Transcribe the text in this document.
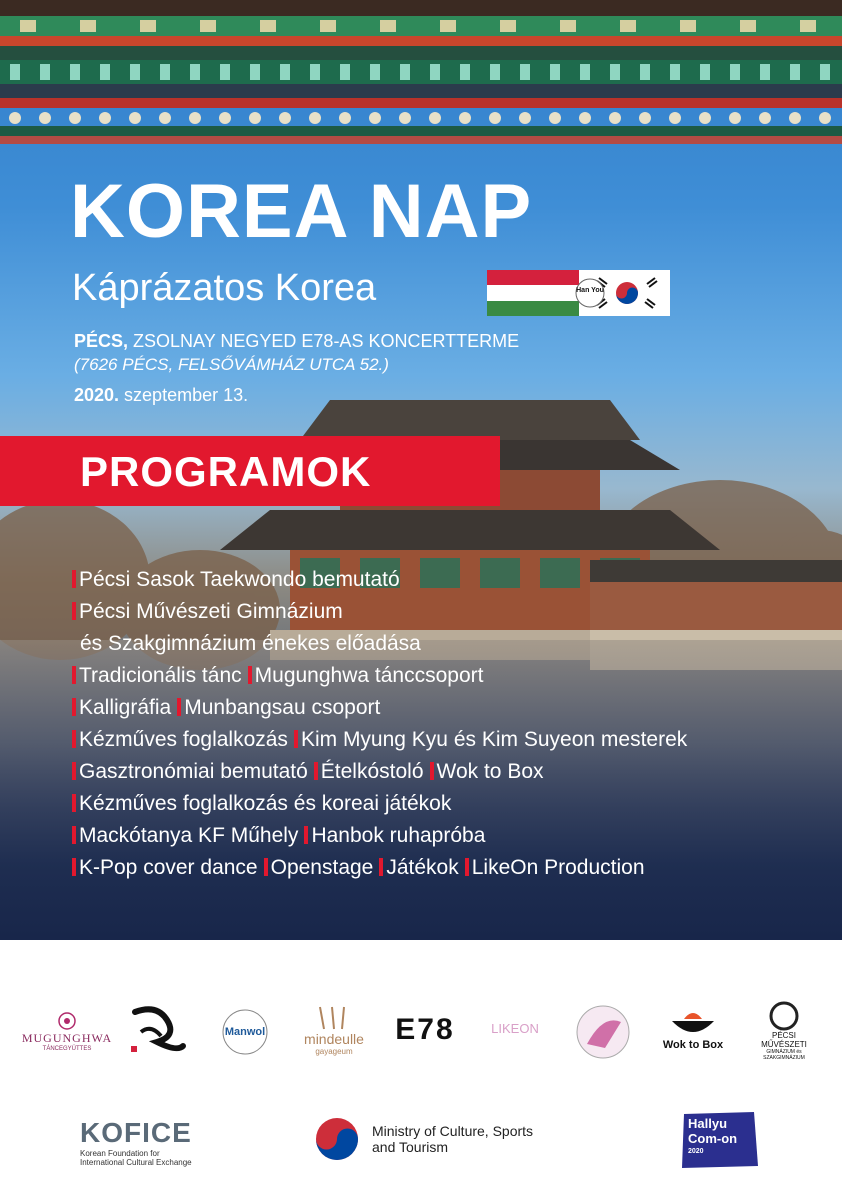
KOREA NAP
Káprázatos Korea	Han You
PÉCS, ZSOLNAY NEGYED E78-AS KONCERTTERME
(7626 PÉCS, FELSŐVÁMHÁZ UTCA 52.)
2020. szeptember 13.
PROGRAMOK
Pécsi Sasok Taekwondo bemutató
Pécsi Művészeti Gimnázium
és Szakgimnázium énekes előadása
Tradicionális tánc Mugunghwa tánccsoport
Kalligráfia Munbangsau csoport
Kézműves foglalkozás Kim Myung Kyu és Kim Suyeon mesterek
Gasztronómiai bemutató Ételkóstoló Wok to Box
Kézműves foglalkozás és koreai játékok
Mackótanya KF Műhely Hanbok ruhapróba
K-Pop cover dance Openstage Játékok LikeOn Production
MUGUNGHWA
TÁNCEGYÜTTES
Manwol	mindeulle
gayageum
E78	LIKEON
Wok to Box
PÉCSI
MŰVÉSZETI
GIMNÁZIUM és SZAKGIMNÁZIUM
KOFICE
Korean Foundation for
International Cultural Exchange
Ministry of Culture, Sports
and Tourism
Hallyu
Com-on
2020
